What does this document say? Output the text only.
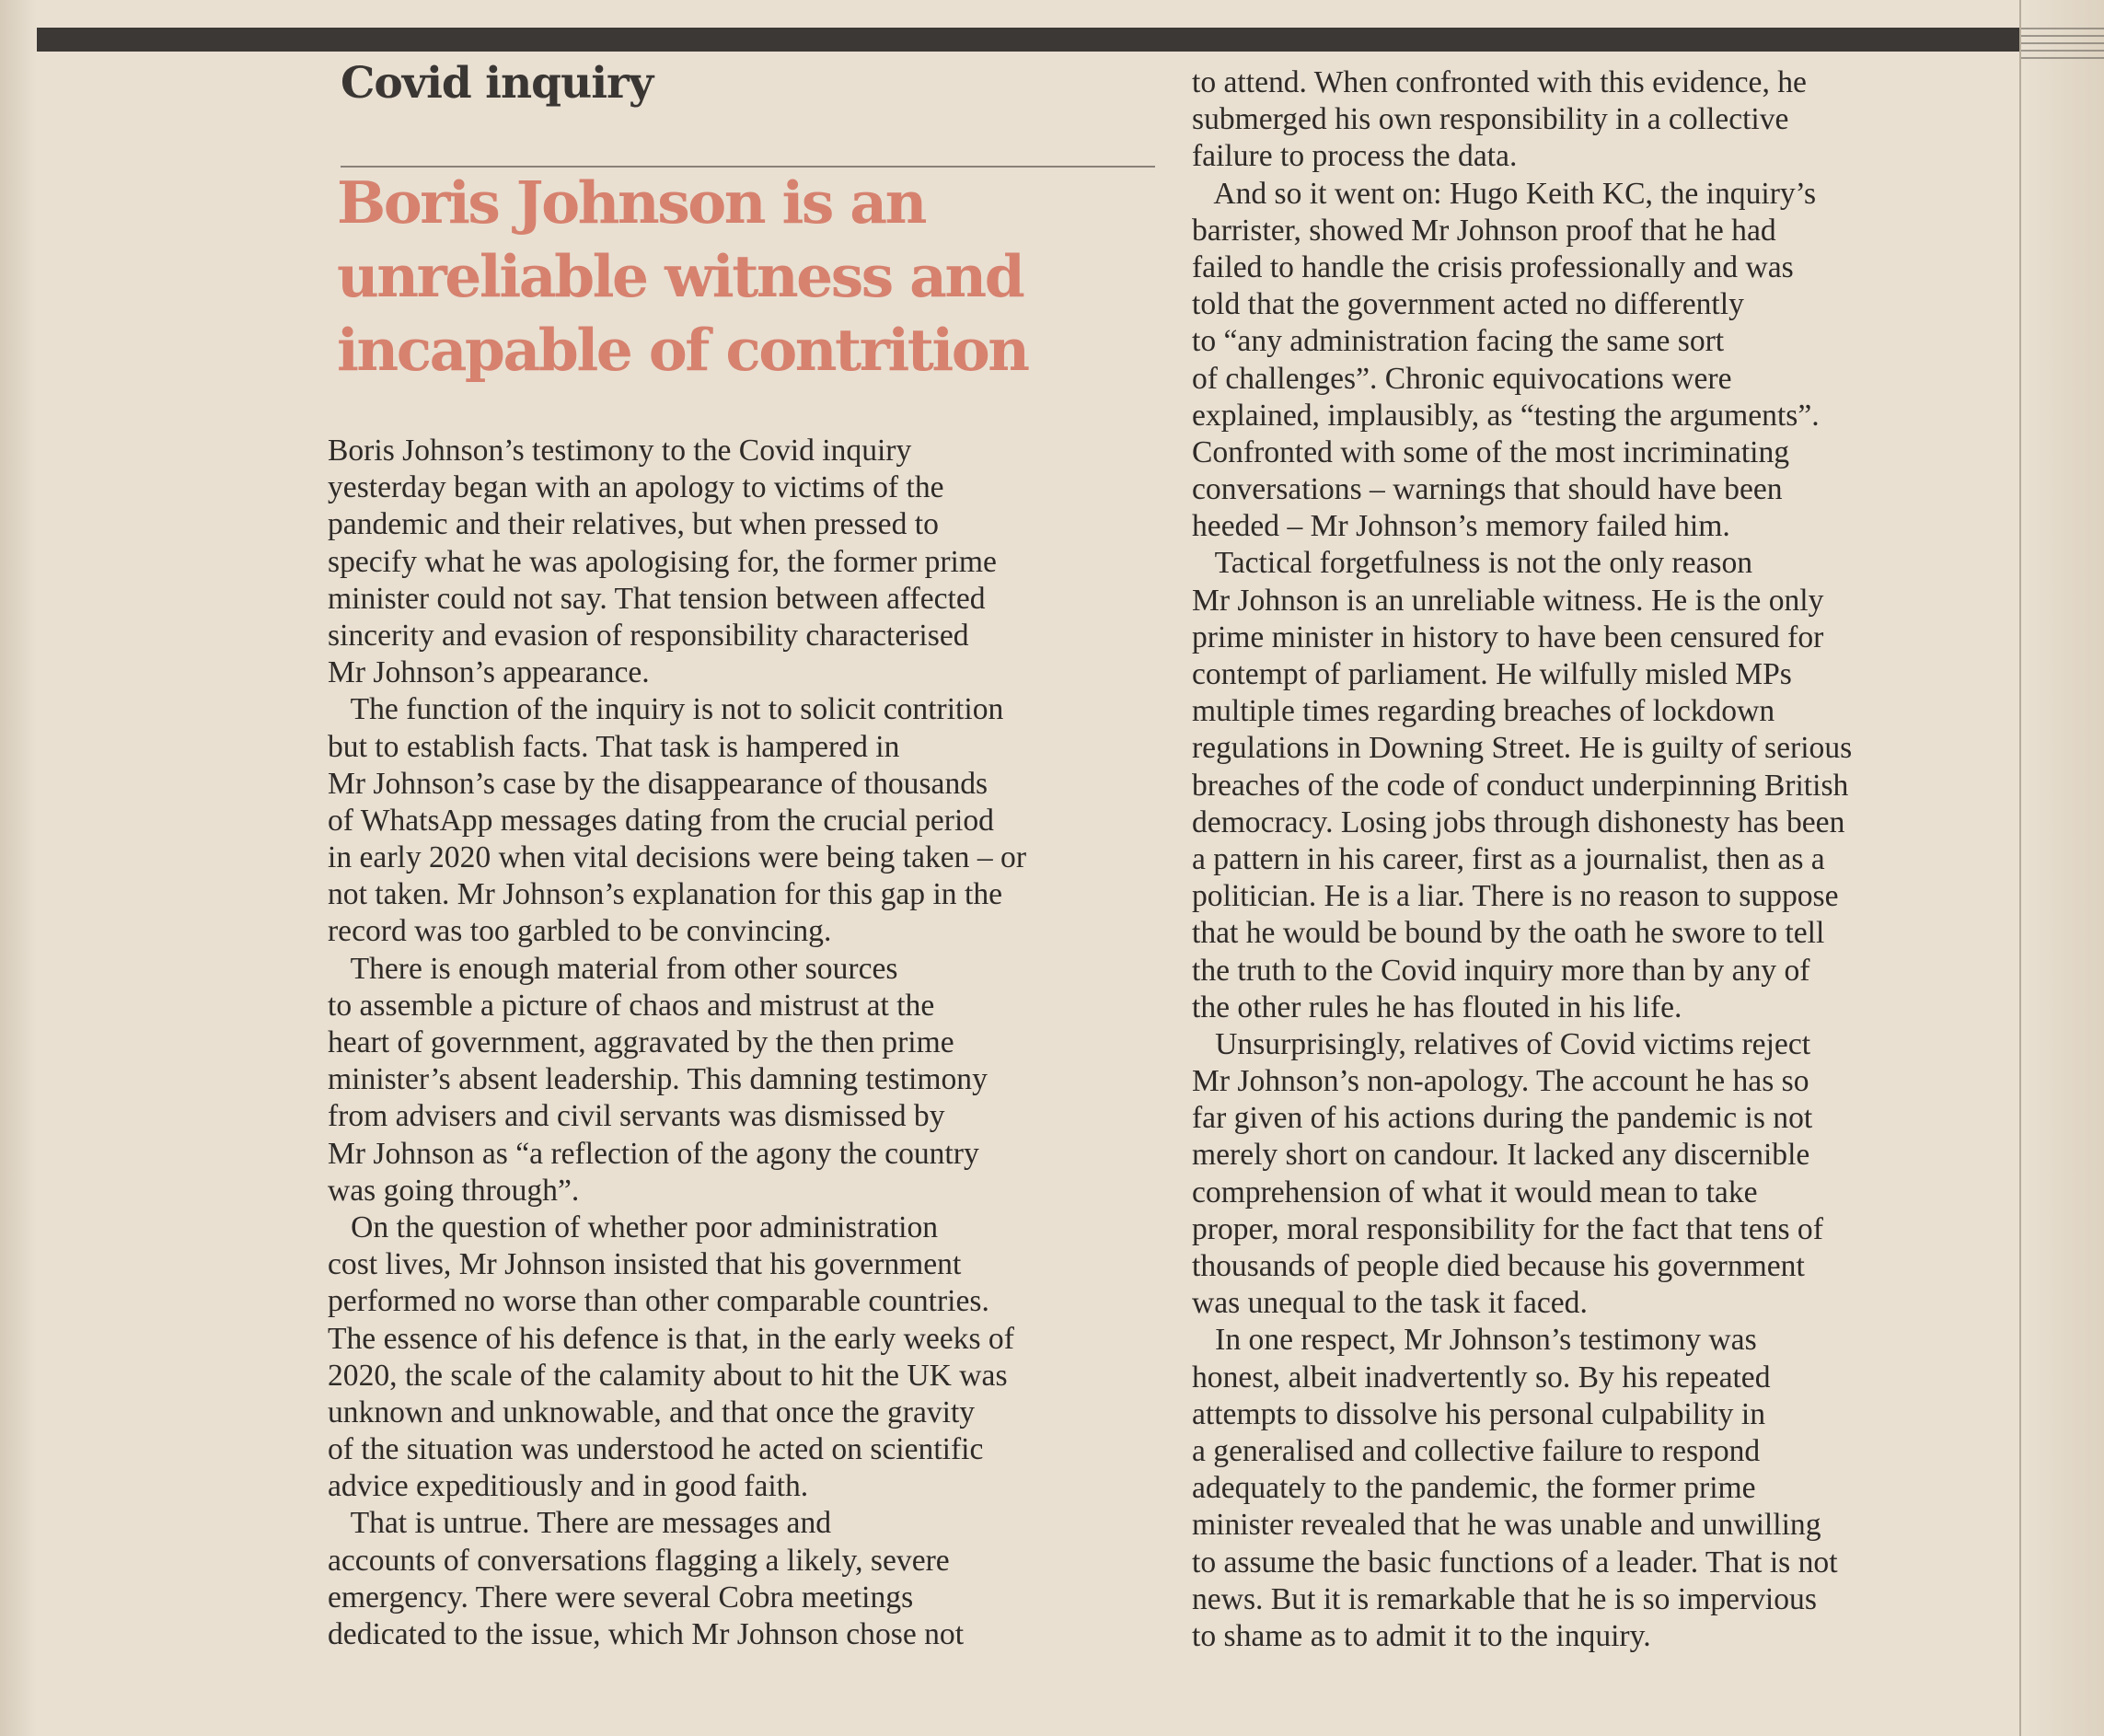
Covid inquiry
Boris Johnson is an
unreliable witness and
incapable of contrition
Boris Johnson’s testimony to the Covid inquiry
yesterday began with an apology to victims of the
pandemic and their relatives, but when pressed to
specify what he was apologising for, the former prime
minister could not say. That tension between affected
sincerity and evasion of responsibility characterised
Mr Johnson’s appearance.
The function of the inquiry is not to solicit contrition
but to establish facts. That task is hampered in
Mr Johnson’s case by the disappearance of thousands
of WhatsApp messages dating from the crucial period
in early 2020 when vital decisions were being taken – or
not taken. Mr Johnson’s explanation for this gap in the
record was too garbled to be convincing.
There is enough material from other sources
to assemble a picture of chaos and mistrust at the
heart of government, aggravated by the then prime
minister’s absent leadership. This damning testimony
from advisers and civil servants was dismissed by
Mr Johnson as “a reflection of the agony the country
was going through”.
On the question of whether poor administration
cost lives, Mr Johnson insisted that his government
performed no worse than other comparable countries.
The essence of his defence is that, in the early weeks of
2020, the scale of the calamity about to hit the UK was
unknown and unknowable, and that once the gravity
of the situation was understood he acted on scientific
advice expeditiously and in good faith.
That is untrue. There are messages and
accounts of conversations flagging a likely, severe
emergency. There were several Cobra meetings
dedicated to the issue, which Mr Johnson chose not
to attend. When confronted with this evidence, he
submerged his own responsibility in a collective
failure to process the data.
And so it went on: Hugo Keith KC, the inquiry’s
barrister, showed Mr Johnson proof that he had
failed to handle the crisis professionally and was
told that the government acted no differently
to “any administration facing the same sort
of challenges”. Chronic equivocations were
explained, implausibly, as “testing the arguments”.
Confronted with some of the most incriminating
conversations – warnings that should have been
heeded – Mr Johnson’s memory failed him.
Tactical forgetfulness is not the only reason
Mr Johnson is an unreliable witness. He is the only
prime minister in history to have been censured for
contempt of parliament. He wilfully misled MPs
multiple times regarding breaches of lockdown
regulations in Downing Street. He is guilty of serious
breaches of the code of conduct underpinning British
democracy. Losing jobs through dishonesty has been
a pattern in his career, first as a journalist, then as a
politician. He is a liar. There is no reason to suppose
that he would be bound by the oath he swore to tell
the truth to the Covid inquiry more than by any of
the other rules he has flouted in his life.
Unsurprisingly, relatives of Covid victims reject
Mr Johnson’s non-apology. The account he has so
far given of his actions during the pandemic is not
merely short on candour. It lacked any discernible
comprehension of what it would mean to take
proper, moral responsibility for the fact that tens of
thousands of people died because his government
was unequal to the task it faced.
In one respect, Mr Johnson’s testimony was
honest, albeit inadvertently so. By his repeated
attempts to dissolve his personal culpability in
a generalised and collective failure to respond
adequately to the pandemic, the former prime
minister revealed that he was unable and unwilling
to assume the basic functions of a leader. That is not
news. But it is remarkable that he is so impervious
to shame as to admit it to the inquiry.
